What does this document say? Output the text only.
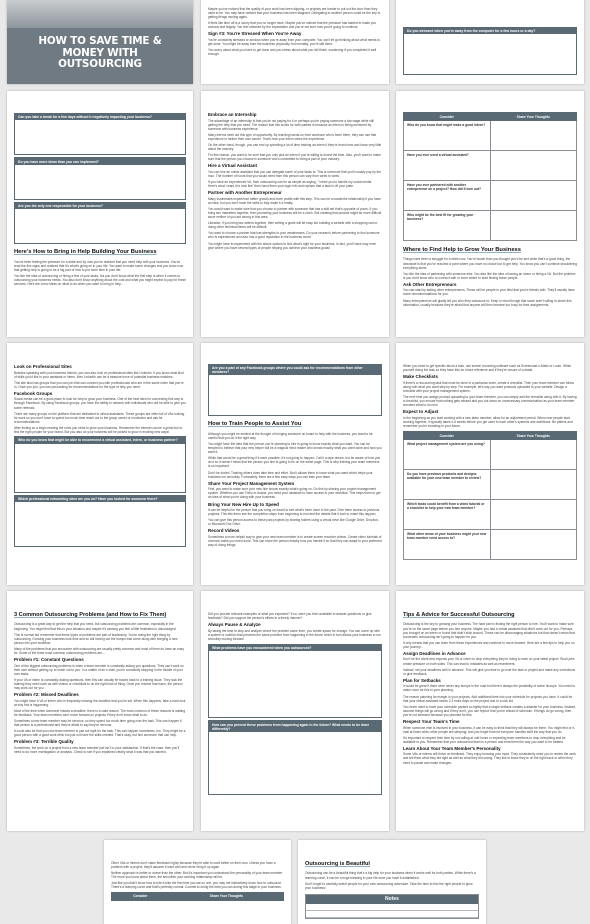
HOW TO SAVE TIME & MONEY WITH OUTSOURCING
Maybe you've noticed that the quality of your work has been slipping, or projects are harder to put out the door than they used to be. You may have noticed that your business has been stagnant. Delegating to another person could be the key to getting things moving again.
It feels like time off is a luxury that you no longer have. Maybe you've noticed that the pressure has started to make you anxious and fidgety. You feel stressed by the expectation and you're not sure how you're going to continue.
Sign #3: You're Stressed When You're Away
You're constantly stressed or anxious when you're away from your computer. You can't let go thinking about what needs to get done. You might be away from the business physically, but mentally, you're still there.
You worry about what you have to get done and you stress about what you did finish, wondering if you completed it well enough.
Do you stressed when you're away from the computer for a few hours or a day?
Can you take a break for a few days without it negatively impacting your business?
Do you have more ideas than you can implement?
Are you the only one responsible for your business?
Here's How to Bring in Help Building Your Business
You've been feeling the pressure for a while and by now you've realized that you need help with your business. You've read the five signs and realized that it's what's going on in your life. You want to make some changes and you know now that getting help is going to be a big part of how to put more time in your life.
You like the idea of outsourcing or hiring a few of your tasks, but you don't know what the first step is when it comes to outsourcing your business needs. You also don't know anything about the cost and what you might expect to pay for these services. Here are a few ideas on what to do when you want to bring in help...
Embrace an Internship
The advantage of an internship is that you're not paying for it or perhaps you're paying someone a low wage while still getting the help that you need. The reason that this works for both parties is because an intern is being mentored by someone with business experience.
Many interns seek out this type of opportunity. By learning hands-on from someone who's been there, they can use that experience in further their own career. That's how your intern views the experience.
On the other hand, though, you can end up spending a lot of time training an intern if they're brand new and know very little about the industry.
For this reason, you want to be sure that you only pick an intern if you're willing to invest the time. Also, you'll want to make sure that the person you choose is someone who's committed to being a part of your industry.
Hire a Virtual Assistant
You can hire an online assistant that you can delegate some of your tasks to. This is someone that you'll usually pay by the hour. The number of hours that you would need from this person can vary from week to week.
If you have an experienced VA, then outsourcing can be as simple as saying, "I need you to handle my social media. Here's what I want it to look like" then hand them your login info and replace that a task is off your plate.
Partner with Another Entrepreneur
Many businesses experience better growth and more profits with this step. This can be a wonderful relationship if you have an idea, but you don't have the skills to fully make it a reality.
You would want to make sure that you choose to partner with someone that has a skill set that's opposite of yours. If you bring two marketers together, then promoting your business will be a cinch. But creating that product might be more difficult since neither of you are strong in this area.
Likewise, if you bring two writers together, then writing a guide will be easy but building a website with a shopping cart or doing other technical items will be difficult.
You want to choose a partner that has strengths to your weaknesses. Do your research before partnering to find someone who is experienced and also has a good reputation in the business world.
You might have to experiment with the above options to find what's right for your business. In fact, you'll have may even give where you have several types of people helping you achieve your business goals!
Consider	Share Your Thoughts
Who do you know that might make a good intern?	
Have you ever used a virtual assistant?	
Have you ever partnered with another entrepreneur on a project? How did it turn out?	
Who might be the best fit for growing your business?	
Where to Find Help to Grow Your Business
Things have been a struggle for a while now. You're busier than you thought you'd be and while that's a good thing, the downside is that you've reached a point where you have no choice but to get help. You know you can't continue shouldering everything alone.
You like the idea of partnering with someone else. You also like the idea of having an intern or hiring a VA. But the problem is you don't know who to connect with or even where to start finding these people.
Ask Other Entrepreneurs
You can start by asking other entrepreneurs. These will be people in your field that you're friends with. They'll usually have some recommendations for you.
Many entrepreneurs will gladly tell you who they outsource to. Keep in mind though that some aren't willing to share this information, usually because they're afraid that anyone will then become too busy for their assignments.
Look on Professional Sites
Besides speaking with your business friends, you can also look on professional sites like LinkedIn. If you know what kind of skills you'd like in your assistant or intern, then LinkedIn can be a treasure trove of potential business matches.
This site also has groups that you can join that can connect you with professionals who are in the same niche that you're in. Once you join, you can post asking for recommendations for the type of help you need.
Facebook Groups
Social media can be a good place to look for help to grow your business. One of the best sites for connecting this way is through Facebook. By using Facebook groups, you have the ability to network with individuals who will be able to give you some referrals.
There are many groups on the platform that are dedicated to virtual assistants. These groups are often full of VAs looking for work so you don't have to spend too much time reach out to the group owner or moderator and ask for recommendations.
After finding so a begin reading the rules you need to grow your business. Remember the internet can be a great tool to find the right people for your brand. But you also do your business will be poised to grow in exciting new ways!
Who do you know that might be able to recommend a virtual assistant, intern, or business partner?
Which professional networking sites are you on? Have you looked for someone there?
Are you a part of any Facebook groups where you could ask for recommendations from other members?
How to Train People to Assist You
Although you might be excited at the thought of bringing someone on board to help with the business, you want to be careful that you do it the right way.
You might have the idea that the person you're planning to hire is going to know exactly what you want. You can be tempted to believe that your new helper will be a magical mind reader who knows exactly what you want done and how you want it.
While that would be a great thing if it were possible, it's not going to happen. Call it a pipe dream, but be aware of how you do it so it doesn't mean that the person you hire is going to be on the same page. This is why training your team members is so important.
Don't be fooled. Training others does take time and effort. But it allows them to know what you want which helps your business run smoothly. Fortunately, there are a few easy ways you can train your team.
Share Your Project Management System
First, you want to make sure your new hire knows exactly what's going on. Do this by sharing your project management system. Whether you use Trello or Asana, you need your assistant to have access to your workflow. This helps them to get an idea of what you're doing with your business.
Bring Your New Hire Up to Speed
It can be helpful for the person that you bring on board to see what's been done in the past. Give them access to previous projects. This lets them see the completion steps from beginning to end and the details that it took to make this happen.
You can give this person access to these past projects by sharing folders using a virtual drive like Google Drive, Dropbox, or Microsoft One Drive.
Record Videos
Sometimes a more helpful way to give your new team member is to create screen recorder videos. Create video tutorials of common tasks you need done. This can show the person exactly how you handle it so that they can adapt to your preferred way of doing things.
When you need to get specific about a task, use screen recording software such as Screencast-o-Matic or Loom. When yourself doing the task so they have this for future reference and if they're unsure of a detail.
Make Checklists
If there's a reoccurring task that must be done in a particular order, create a checklist. Then your team member can follow along with what you want step by step. For example, let's say you want products uploaded to your website. Design a checklist with your project management system.
The next time you assign product uploading to your team member, you can simply add the checklist along with it. By having a checklist, you ensure that nothing gets missed and you cut down on unnecessary communication as your team member wonders what to do next.
Expect to Adjust
In the beginning as you start working with a new team member, allow for an adjustment period. When new people start working together, it typically takes 4-6 weeks before you get used to each other's systems and workflows. Be patient and remember you're investing in your future.
Consider	Share Your Thoughts
What project management system are you using?	
Do you have previous products and designs available for your new team member to review?	
Which tasks could benefit from a video tutorial or a checklist to help your new team member?	
What other areas of your business might your new team member need access to?	
3 Common Outsourcing Problems (and How to Fix Them)
Outsourcing is a great way to get the help that you need, but outsourcing problems are common, especially in the beginning. You might find that this is your situation and maybe it's causing you feel a little frustrated or discouraged.
This is normal but remember that these types of problems are part of leadership. You're doing the right thing by outsourcing. Growing your business took time and so will ironing out the bumps that come along with bringing a new person into your workflow.
Many of the problems that you encounter with outsourcing are usually pretty common and most of them do have an easy fix. Some of the three most common outsourcing problems are...
Problem #1: Constant Questions
One of the biggest outsourcing problems is when a team member is constantly asking you questions. They can't work on their own without getting up to reach out to you. In a matter of an e-mail, you're constantly stopping in the middle of your own tasks.
If your VA or intern is constantly asking questions, then this can usually be traced back to a training issue. They lack the training they need such as with videos or checklists to do the right kind of thing. Once you resolve that issue, the person may work out for you.
Problem #2: Missed Deadlines
You might have a VA or intern who is frequently missing the deadline that you've set. When this happens, take a hard look at why this is happening.
Most of the time when someone misses a deadline, there is a valid reason. The most common of these reasons is waiting for feedback. Your team members can't move forward on projects if they don't know what to do.
Sometimes a new team member may be nervous, so they spend too much time going over the task. This can happen if that person is a perfectionist and they're afraid to say they're nervous.
It could also be that you new team member is just not right for the task. This can happen sometimes, too. They might be a good person with a good work ethic but just not have the skills needed. That's okay, but find someone that can help.
Problem #3: Terrible Quality
Sometimes, the work on a project from a new team member just isn't to your satisfaction. If that's the case, then you'll need to do more investigation or analysis. Check to see if you explained clearly what it was that you wanted.
Did you provide relevant examples of what you expected? If so, were you then available to answer questions or give feedback? Did you support the person's efforts in a timely manner?
Always Pause & Analyze
By taking the time to stop and analyze where the problem came from, you create space for change. You can come up with a system or solution that prevents the same problem from happening in the future which in turn allows your business to run smoothly moving forward.
What problems have you encountered when you outsourced?
How can you prevent these problems from happening again in the future? What needs to be done differently?
Tips & Advice for Successful Outsourcing
Outsourcing is the key to growing your business. The hard part is finding the right person to hire. You'll want to make sure you're on the same page before you hire anyone. Maybe you had a virtual assistant that didn't work out for you. Perhaps you brought on an intern or found that didn't stick around. These can be discouraging situations but that doesn't mean that successful outsourcing isn't going to happen for you.
It only means that you can learn from these experiences and continue to move forward. Here are a few tips to help you on your journey...
Assign Deadlines in Advance
Don't be the client who expects your VA or intern to drop everything they're doing to work on your latest project. Rush jobs create pressure on both sides. This can lead to mistakes as well as resentment.
Instead, set your deadlines well in advance. This will give you time to go over the task or project and make any corrections or give feedback.
Plan for Setbacks
It would be great if there were never any bumps in the road but there's always the possibility of some hiccups. You need to make room for this in your planning.
The reason planning for margin in your projects. Add additional time into your schedule for projects you have. It could be that your virtual assistant needs 2-3 extra days on the project due to a sick kid.
You never want to have your schedule packed so tightly that a single setback creates a disaster for your business. Instead, assume things will go wrong and if they don't, you can rejoice that you're ahead of schedule. If things do go wrong, then you're not stressed because you planned for this.
Respect Your Team's Time
When someone else is involved in your business, it can be easy to think that they will always be there. You might text or e-mail at times when other people are sleeping, and you forget that not everyone handles stuff the way that you do.
It's important to respect their time by not calling at odd hours or expecting team members to drop everything and be available to you. Remember that your outsourced team is a person and treat them the way you want to be treated.
Learn About Your Team Member's Personality
Some VAs or interns will thrive on feedback. They enjoy knowing your input. They consistently need you to review the work and tell them what they did right as well as what they did wrong. They like to know they're on the right track or when they need to pause and make changes.
Other VAs or interns don't value feedback highly because they're able to work better on their own. Unless you have a problem with a project, they'll assume it went well and never bring it up again.
Neither approach is better or worse than the other. But it's important you understand the personality of your team member. The more you know about them, the smoother your working relationship will be.
Just like you didn't know how to ride a bike the first time you sat on one, you may not instinctively know how to outsource. There's a learning curve and that's perfectly normal. Commit to doing the best you can during this stage in your business.
Consider	Share Your Thoughts
Outsourcing is Beautiful
Outsourcing can be a beautiful thing that's a big help for your business when it works well for both parties. While there's a learning curve, it can be a huge blessing in your life once you have it established.
Don't forget to carefully select people for your new outsourcing adventure. Take the time to find the right people to grow your business!
Notes
